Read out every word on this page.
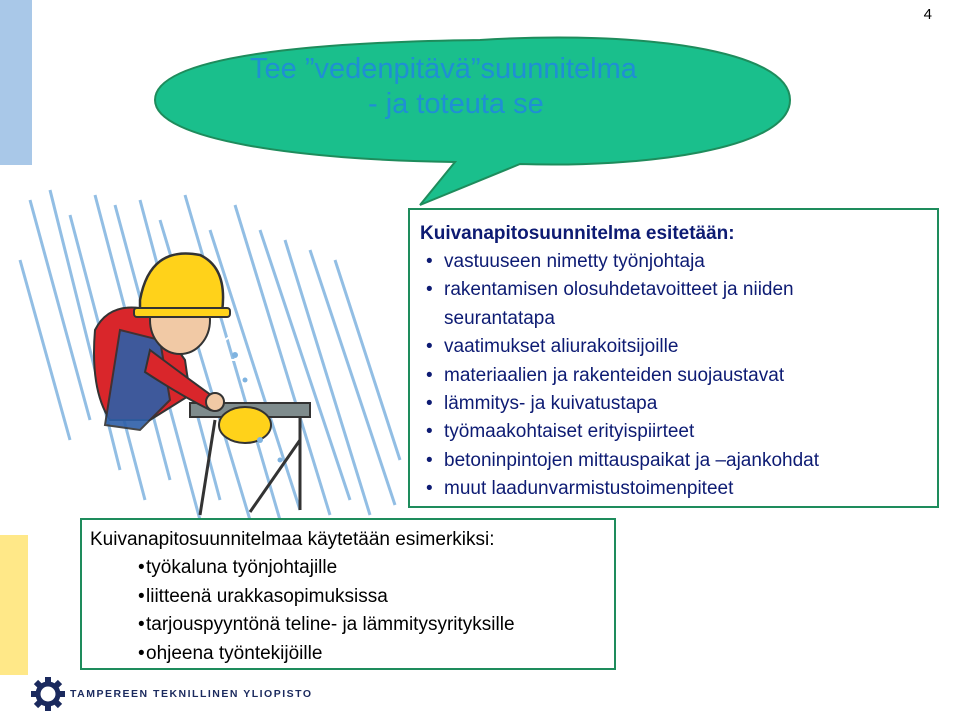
4
Tee ”vedenpitävä”suunnitelma
- ja toteuta se
Kuivanapitosuunnitelma esitetään:
• vastuuseen nimetty työnjohtaja
• rakentamisen olosuhdetavoitteet ja niiden
seurantatapa
• vaatimukset aliurakoitsijoille
• materiaalien ja rakenteiden suojaustavat
• lämmitys- ja kuivatustapa
• työmaakohtaiset erityispiirteet
• betoninpintojen mittauspaikat ja –ajankohdat
• muut laadunvarmistustoimenpiteet
Kuivanapitosuunnitelmaa käytetään esimerkiksi:
• työkaluna työnjohtajille
• liitteenä urakkasopimuksissa
• tarjouspyyntönä teline- ja lämmitysyrityksille
• ohjeena työntekijöille
TAMPEREEN TEKNILLINEN YLIOPISTO
